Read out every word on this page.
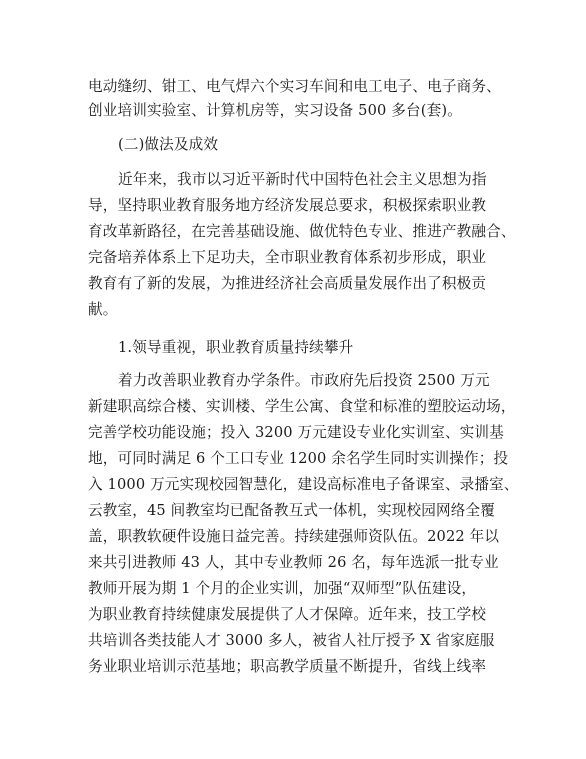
电动缝纫、钳工、电气焊六个实习车间和电工电子、电子商务、
创业培训实验室、计算机房等，实习设备 500 多台(套)。
(二)做法及成效
近年来，我市以习近平新时代中国特色社会主义思想为指
导，坚持职业教育服务地方经济发展总要求，积极探索职业教
育改革新路径，在完善基础设施、做优特色专业、推进产教融合、
完备培养体系上下足功夫，全市职业教育体系初步形成，职业
教育有了新的发展，为推进经济社会高质量发展作出了积极贡
献。
1.领导重视，职业教育质量持续攀升
着力改善职业教育办学条件。市政府先后投资 2500 万元
新建职高综合楼、实训楼、学生公寓、食堂和标准的塑胶运动场，
完善学校功能设施；投入 3200 万元建设专业化实训室、实训基
地，可同时满足 6 个工口专业 1200 余名学生同时实训操作；投
入 1000 万元实现校园智慧化，建设高标准电子备课室、录播室、
云教室，45 间教室均已配备教互式一体机，实现校园网络全覆
盖，职教软硬件设施日益完善。持续建强师资队伍。2022 年以
来共引进教师 43 人，其中专业教师 26 名，每年选派一批专业
教师开展为期 1 个月的企业实训，加强“双师型”队伍建设，
为职业教育持续健康发展提供了人才保障。近年来，技工学校
共培训各类技能人才 3000 多人，被省人社厅授予 X 省家庭服
务业职业培训示范基地；职高教学质量不断提升，省线上线率
